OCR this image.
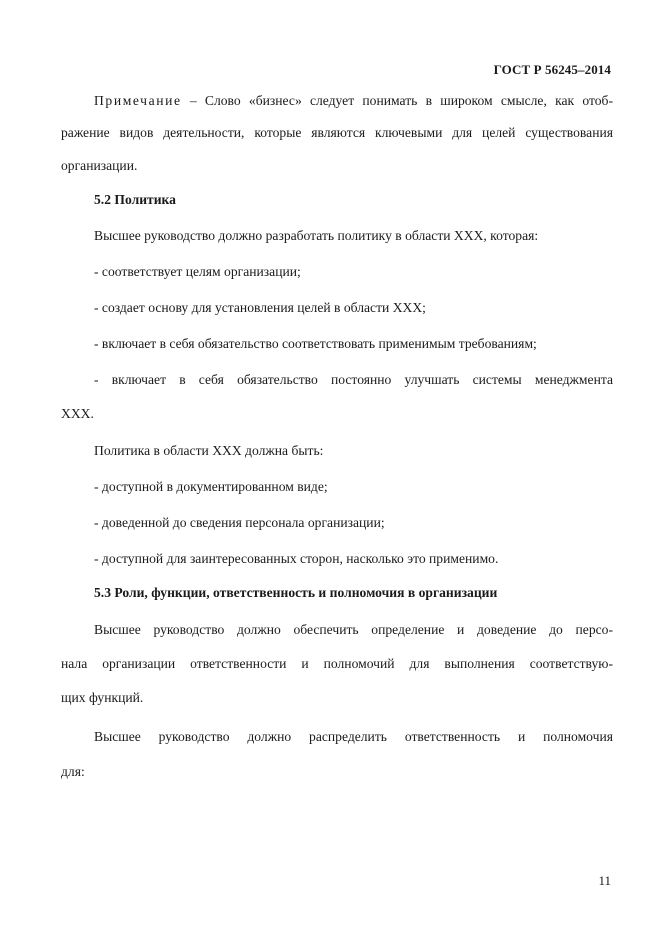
ГОСТ Р 56245–2014
Примечание – Слово «бизнес» следует понимать в широком смысле, как отоб-
ражение видов деятельности, которые являются ключевыми для целей существования
организации.
5.2 Политика
Высшее руководство должно разработать политику в области ХХХ, которая:
- соответствует целям организации;
- создает основу для установления целей в области ХХХ;
- включает в себя обязательство соответствовать применимым требованиям;
- включает в себя обязательство постоянно улучшать системы менеджмента
ХХХ.
Политика в области ХХХ должна быть:
- доступной в документированном виде;
- доведенной до сведения персонала организации;
- доступной для заинтересованных сторон, насколько это применимо.
5.3 Роли, функции, ответственность и полномочия в организации
Высшее руководство должно обеспечить определение и доведение до персо-
нала организации ответственности и полномочий для выполнения соответствую-
щих функций.
Высшее руководство должно распределить ответственность и полномочия
для:
11
